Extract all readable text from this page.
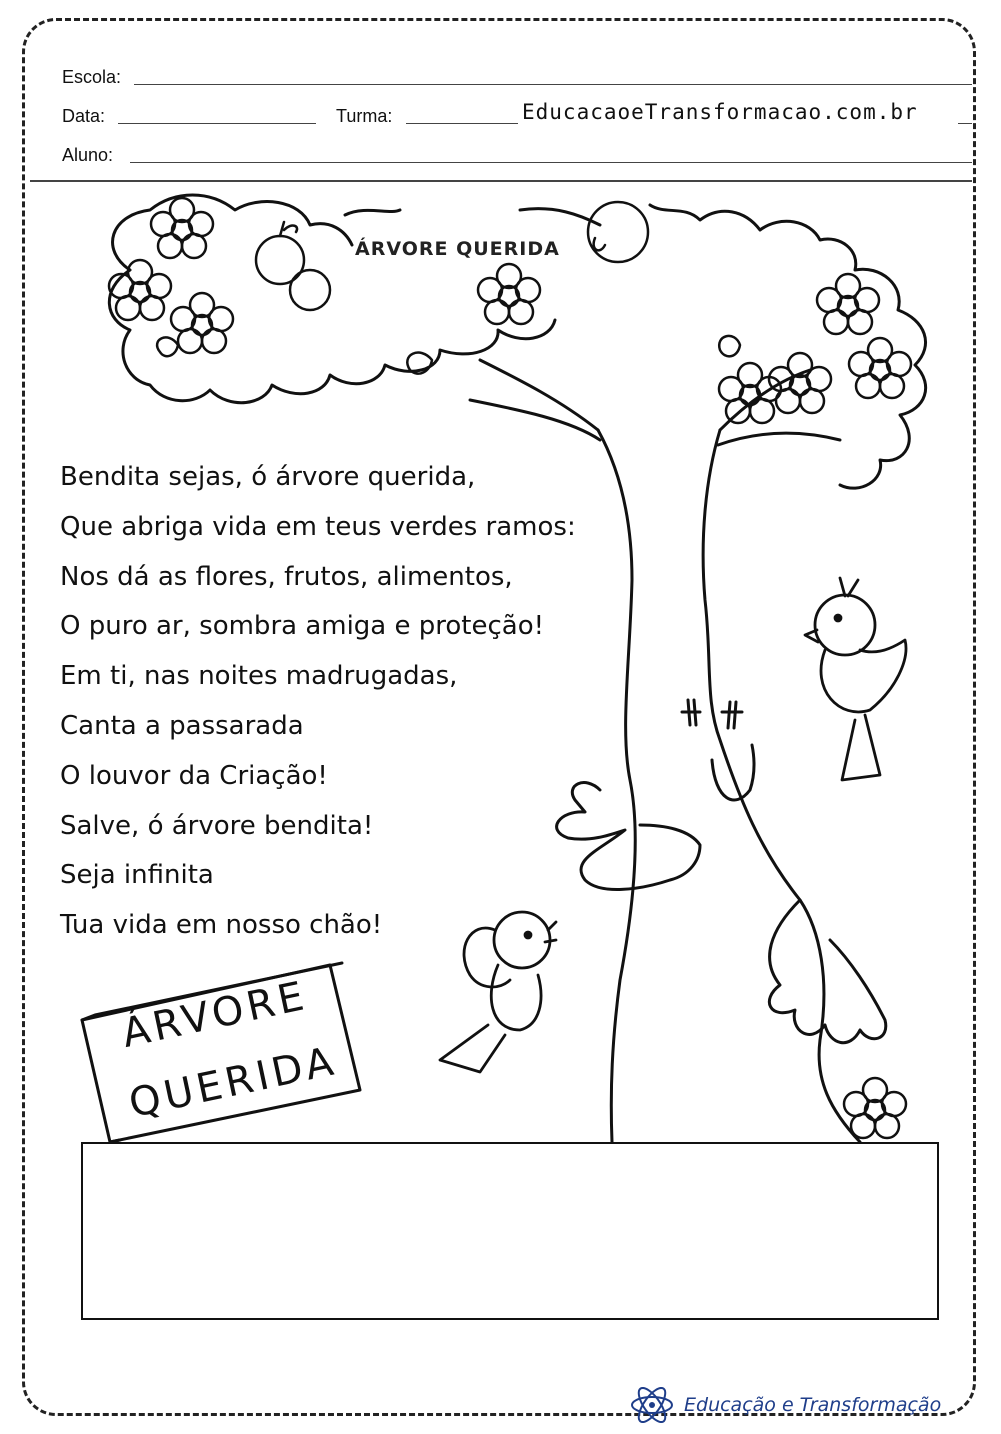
Escola:
Data:	Turma:	EducacaoeTransformacao.com.br
Aluno:
ÁRVORE QUERIDA
ÁRVORE
QUERIDA
Bendita sejas, ó árvore querida,
Que abriga vida em teus verdes ramos:
Nos dá as flores, frutos, alimentos,
O puro ar, sombra amiga e proteção!
Em ti, nas noites madrugadas,
Canta a passarada
O louvor da Criação!
Salve, ó árvore bendita!
Seja infinita
Tua vida em nosso chão!
Educação e Transformação
